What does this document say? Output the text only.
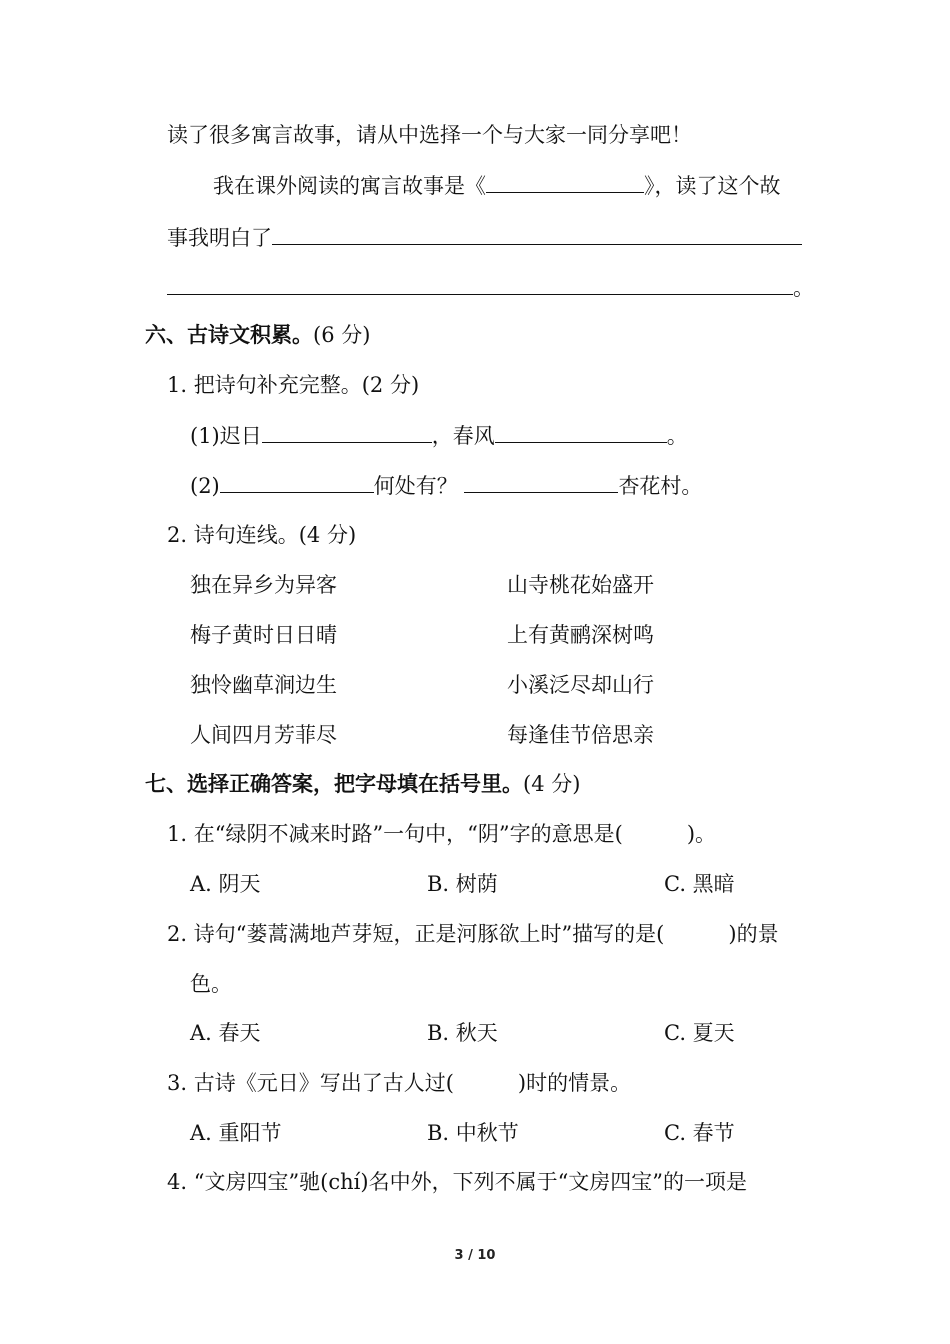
读了很多寓言故事，请从中选择一个与大家一同分享吧！
我在课外阅读的寓言故事是《	》，读了这个故
事我明白了
。
六、古诗文积累。(6 分)
1. 把诗句补充完整。(2 分)
(1)迟日	，春风	。
(2)	何处有？	杏花村。
2. 诗句连线。(4 分)
独在异乡为异客	山寺桃花始盛开
梅子黄时日日晴	上有黄鹂深树鸣
独怜幽草涧边生	小溪泛尽却山行
人间四月芳菲尽	每逢佳节倍思亲
七、选择正确答案，把字母填在括号里。(4 分)
1. 在“绿阴不减来时路”一句中，“阴”字的意思是(	)。
A. 阴天	B. 树荫	C. 黑暗
2. 诗句“蒌蒿满地芦芽短，正是河豚欲上时”描写的是(	)的景
色。
A. 春天	B. 秋天	C. 夏天
3. 古诗《元日》写出了古人过(	)时的情景。
A. 重阳节	B. 中秋节	C. 春节
4. “文房四宝”驰(chí)名中外，下列不属于“文房四宝”的一项是
3 / 10
